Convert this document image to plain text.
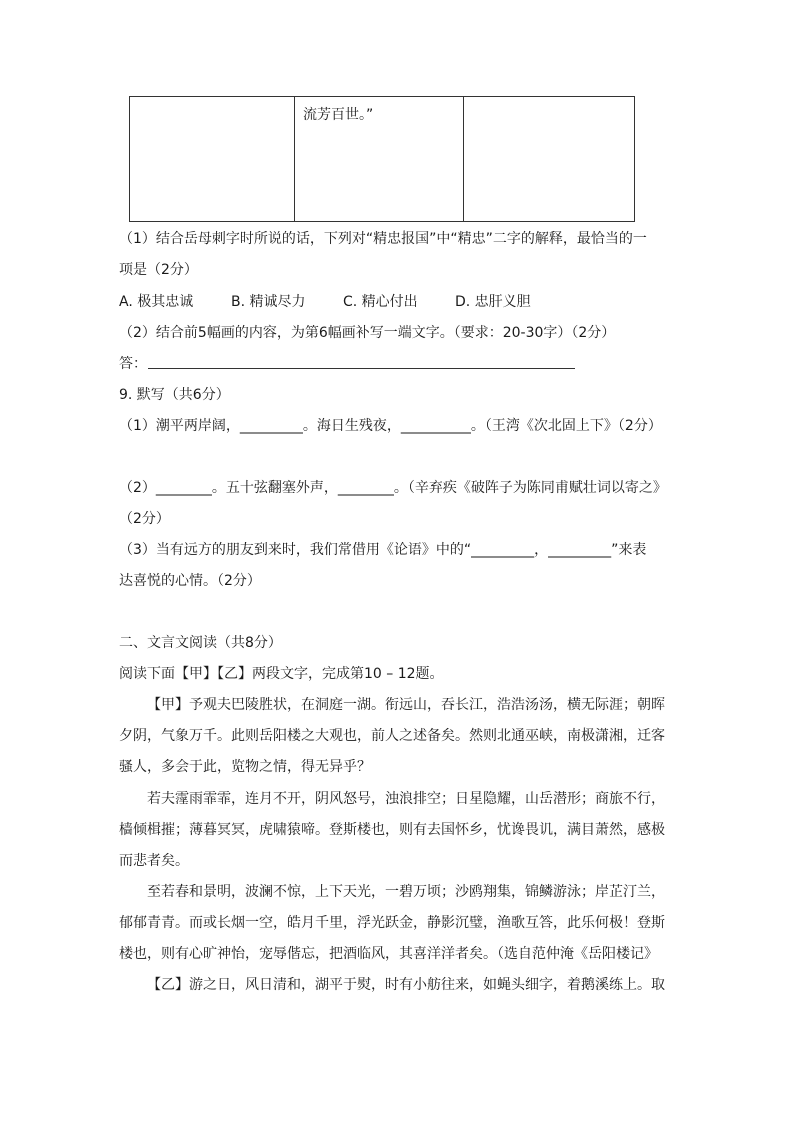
流芳百世。”
（1）结合岳母刺字时所说的话，下列对“精忠报国”中“精忠”二字的解释，最恰当的一
项是（2分）
A. 极其忠诚	B. 精诚尽力	C. 精心付出	D. 忠肝义胆
（2）结合前5幅画的内容，为第6幅画补写一端文字。（要求：20-30字）（2分）
答：
9. 默写（共6分）
（1）潮平两岸阔，_________。海日生残夜，__________。（王湾《次北固上下》（2分）
（2）________。五十弦翻塞外声，________。（辛弃疾《破阵子为陈同甫赋壮词以寄之》
（2分）
（3）当有远方的朋友到来时，我们常借用《论语》中的“_________，_________”来表
达喜悦的心情。（2分）
二、文言文阅读（共8分）
阅读下面【甲】【乙】两段文字，完成第10 – 12题。
【甲】予观夫巴陵胜状，在洞庭一湖。衔远山，吞长江，浩浩汤汤，横无际涯；朝晖
夕阴，气象万千。此则岳阳楼之大观也，前人之述备矣。然则北通巫峡，南极潇湘，迁客
骚人，多会于此，览物之情，得无异乎？
若夫霪雨霏霏，连月不开，阴风怒号，浊浪排空；日星隐耀，山岳潜形；商旅不行，
樯倾楫摧；薄暮冥冥，虎啸猿啼。登斯楼也，则有去国怀乡，忧谗畏讥，满目萧然，感极
而悲者矣。
至若春和景明，波澜不惊，上下天光，一碧万顷；沙鸥翔集，锦鳞游泳；岸芷汀兰，
郁郁青青。而或长烟一空，皓月千里，浮光跃金，静影沉璧，渔歌互答，此乐何极！登斯
楼也，则有心旷神怡，宠辱偕忘，把酒临风，其喜洋洋者矣。（选自范仲淹《岳阳楼记》
【乙】游之日，风日清和，湖平于熨，时有小舫往来，如蝇头细字，着鹅溪练上。取
